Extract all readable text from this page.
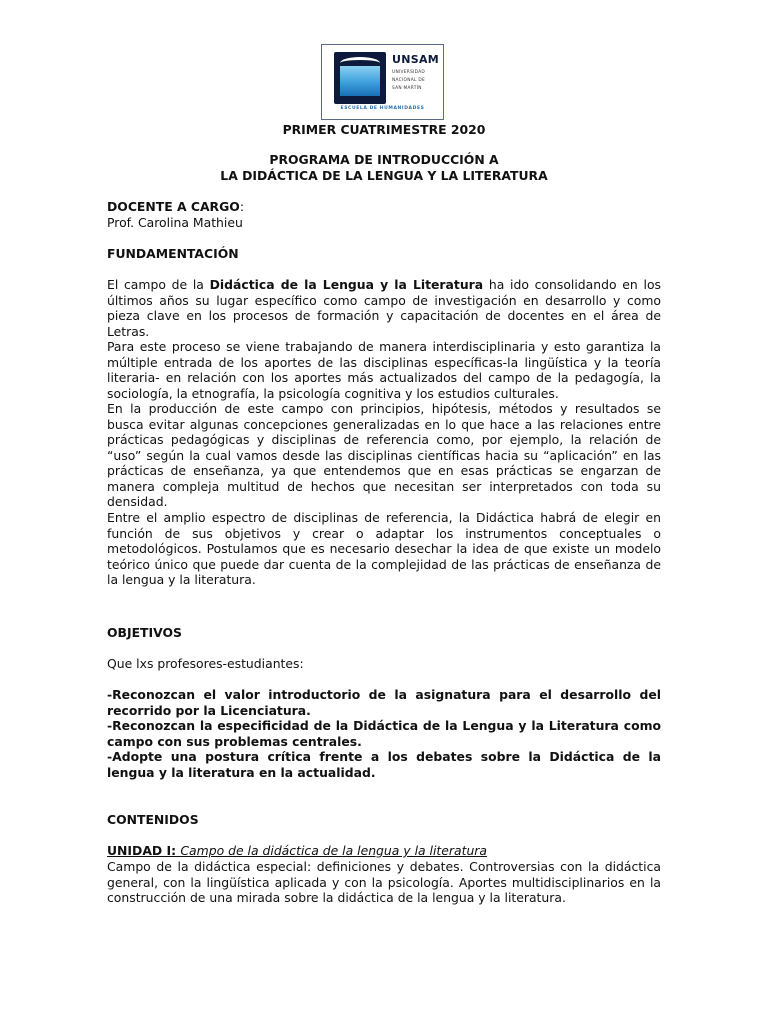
UNSAM
UNIVERSIDAD
NACIONAL DE
SAN MARTÍN
ESCUELA DE HUMANIDADES
PRIMER CUATRIMESTRE 2020
PROGRAMA DE INTRODUCCIÓN A
LA DIDÁCTICA DE LA LENGUA Y LA LITERATURA
DOCENTE A CARGO:
Prof. Carolina Mathieu
FUNDAMENTACIÓN
El campo de la Didáctica de la Lengua y la Literatura ha ido consolidando en los
últimos años su lugar específico como campo de investigación en desarrollo y como
pieza clave en los procesos de formación y capacitación de docentes en el área de
Letras.
Para este proceso se viene trabajando de manera interdisciplinaria y esto garantiza la
múltiple entrada de los aportes de las disciplinas específicas-la lingüística y la teoría
literaria- en relación con los aportes más actualizados del campo de la pedagogía, la
sociología, la etnografía, la psicología cognitiva y los estudios culturales.
En la producción de este campo con principios, hipótesis, métodos y resultados se
busca evitar algunas concepciones generalizadas en lo que hace a las relaciones entre
prácticas pedagógicas y disciplinas de referencia como, por ejemplo, la relación de
“uso” según la cual vamos desde las disciplinas científicas hacia su “aplicación” en las
prácticas de enseñanza, ya que entendemos que en esas prácticas se engarzan de
manera compleja multitud de hechos que necesitan ser interpretados con toda su
densidad.
Entre el amplio espectro de disciplinas de referencia, la Didáctica habrá de elegir en
función de sus objetivos y crear o adaptar los instrumentos conceptuales o
metodológicos. Postulamos que es necesario desechar la idea de que existe un modelo
teórico único que puede dar cuenta de la complejidad de las prácticas de enseñanza de
la lengua y la literatura.
OBJETIVOS
Que lxs profesores-estudiantes:
-Reconozcan el valor introductorio de la asignatura para el desarrollo del
recorrido por la Licenciatura.
-Reconozcan la especificidad de la Didáctica de la Lengua y la Literatura como
campo con sus problemas centrales.
-Adopte una postura crítica frente a los debates sobre la Didáctica de la
lengua y la literatura en la actualidad.
CONTENIDOS
UNIDAD I: Campo de la didáctica de la lengua y la literatura
Campo de la didáctica especial: definiciones y debates. Controversias con la didáctica
general, con la lingüística aplicada y con la psicología. Aportes multidisciplinarios en la
construcción de una mirada sobre la didáctica de la lengua y la literatura.
